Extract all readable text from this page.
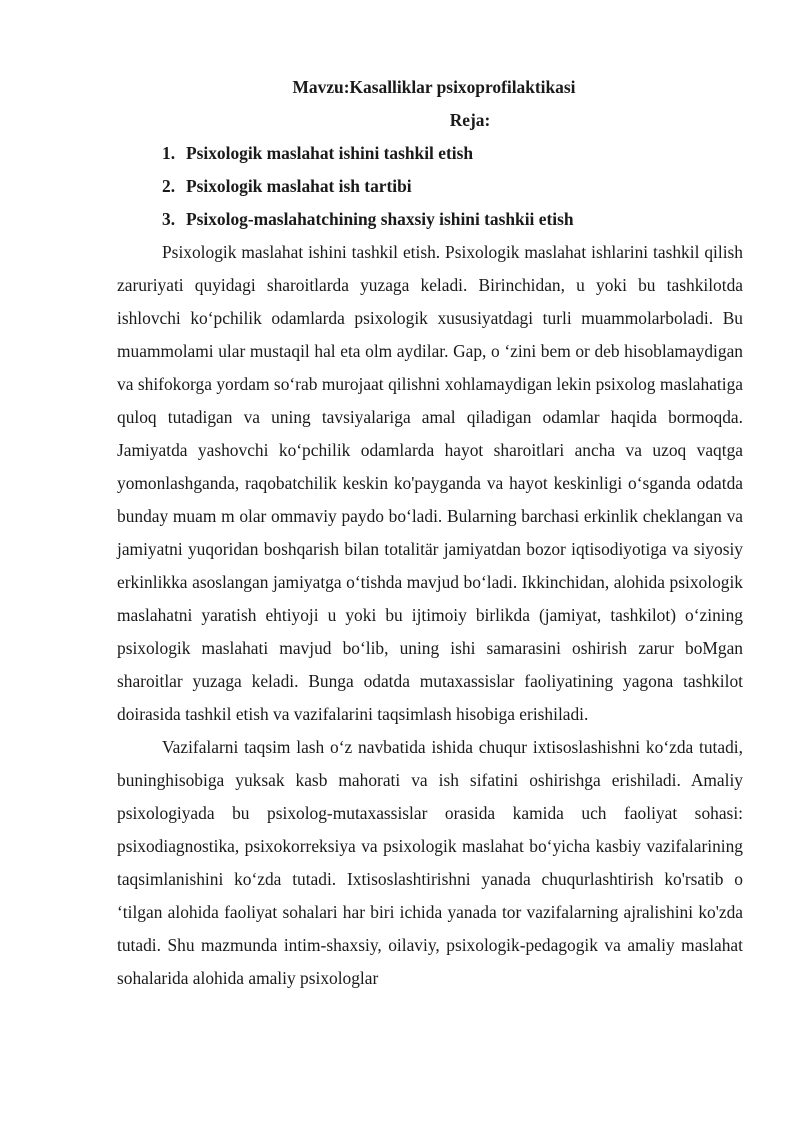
Mavzu:Kasalliklar psixoprofilaktikasi
Reja:
1. Psixologik maslahat ishini tashkil etish
2. Psixologik maslahat ish tartibi
3. Psixolog-maslahatchining shaxsiy ishini tashkii etish

Psixologik maslahat ishini tashkil etish. Psixologik maslahat ishlarini tashkil qilish zaruriyati quyidagi sharoitlarda yuzaga keladi. Birinchidan, u yoki bu tashkilotda ishlovchi ko‘pchilik odamlarda psixologik xususiyatdagi turli muammolarboladi. Bu muammolami ular mustaqil hal eta olm aydilar. Gap, o ‘zini bem or deb hisoblamaydigan va shifokorga yordam so‘rab murojaat qilishni xohlamaydigan lekin psixolog maslahatiga quloq tutadigan va uning tavsiyalariga amal qiladigan odamlar haqida bormoqda. Jamiyatda yashovchi ko‘pchilik odamlarda hayot sharoitlari ancha va uzoq vaqtga yomonlashganda, raqobatchilik keskin ko'payganda va hayot keskinligi o‘sganda odatda bunday muam m olar ommaviy paydo bo‘ladi. Bularning barchasi erkinlik cheklangan va jamiyatni yuqoridan boshqarish bilan totalitär jamiyatdan bozor iqtisodiyotiga va siyosiy erkinlikka asoslangan jamiyatga o‘tishda mavjud bo‘ladi. Ikkinchidan, alohida psixologik maslahatni yaratish ehtiyoji u yoki bu ijtimoiy birlikda (jamiyat, tashkilot) o‘zining psixologik maslahati mavjud bo‘lib, uning ishi samarasini oshirish zarur boMgan sharoitlar yuzaga keladi. Bunga odatda mutaxassislar faoliyatining yagona tashkilot doirasida tashkil etish va vazifalarini taqsimlash hisobiga erishiladi.

Vazifalarni taqsim lash o‘z navbatida ishida chuqur ixtisoslashishni ko‘zda tutadi, buninghisobiga yuksak kasb mahorati va ish sifatini oshirishga erishiladi. Amaliy psixologiyada bu psixolog-mutaxassislar orasida kamida uch faoliyat sohasi: psixodiagnostika, psixokorreksiya va psixologik maslahat bo‘yicha kasbiy vazifalarining taqsimlanishini ko‘zda tutadi. Ixtisoslashtirishni yanada chuqurlashtirish ko'rsatib o ‘tilgan alohida faoliyat sohalari har biri ichida yanada tor vazifalarning ajralishini ko'zda tutadi. Shu mazmunda intim-shaxsiy, oilaviy, psixologik-pedagogik va amaliy maslahat sohalarida alohida amaliy psixologlar
